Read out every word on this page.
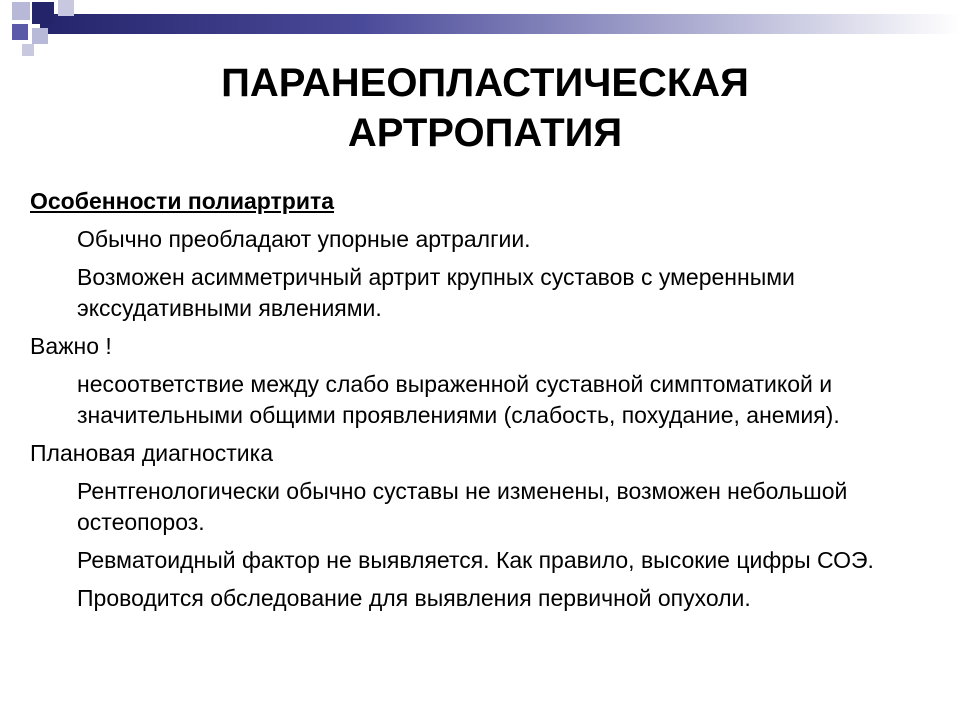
ПАРАНЕОПЛАСТИЧЕСКАЯ
АРТРОПАТИЯ
Особенности полиартрита
Обычно преобладают упорные артралгии.
Возможен асимметричный артрит крупных суставов с умеренными экссудативными явлениями.
Важно !
несоответствие между слабо выраженной суставной симптоматикой и значительными общими проявлениями (слабость, похудание, анемия).
Плановая диагностика
Рентгенологически обычно суставы не изменены, возможен небольшой остеопороз.
Ревматоидный фактор не выявляется. Как правило, высокие цифры СОЭ.
Проводится обследование для выявления первичной опухоли.
